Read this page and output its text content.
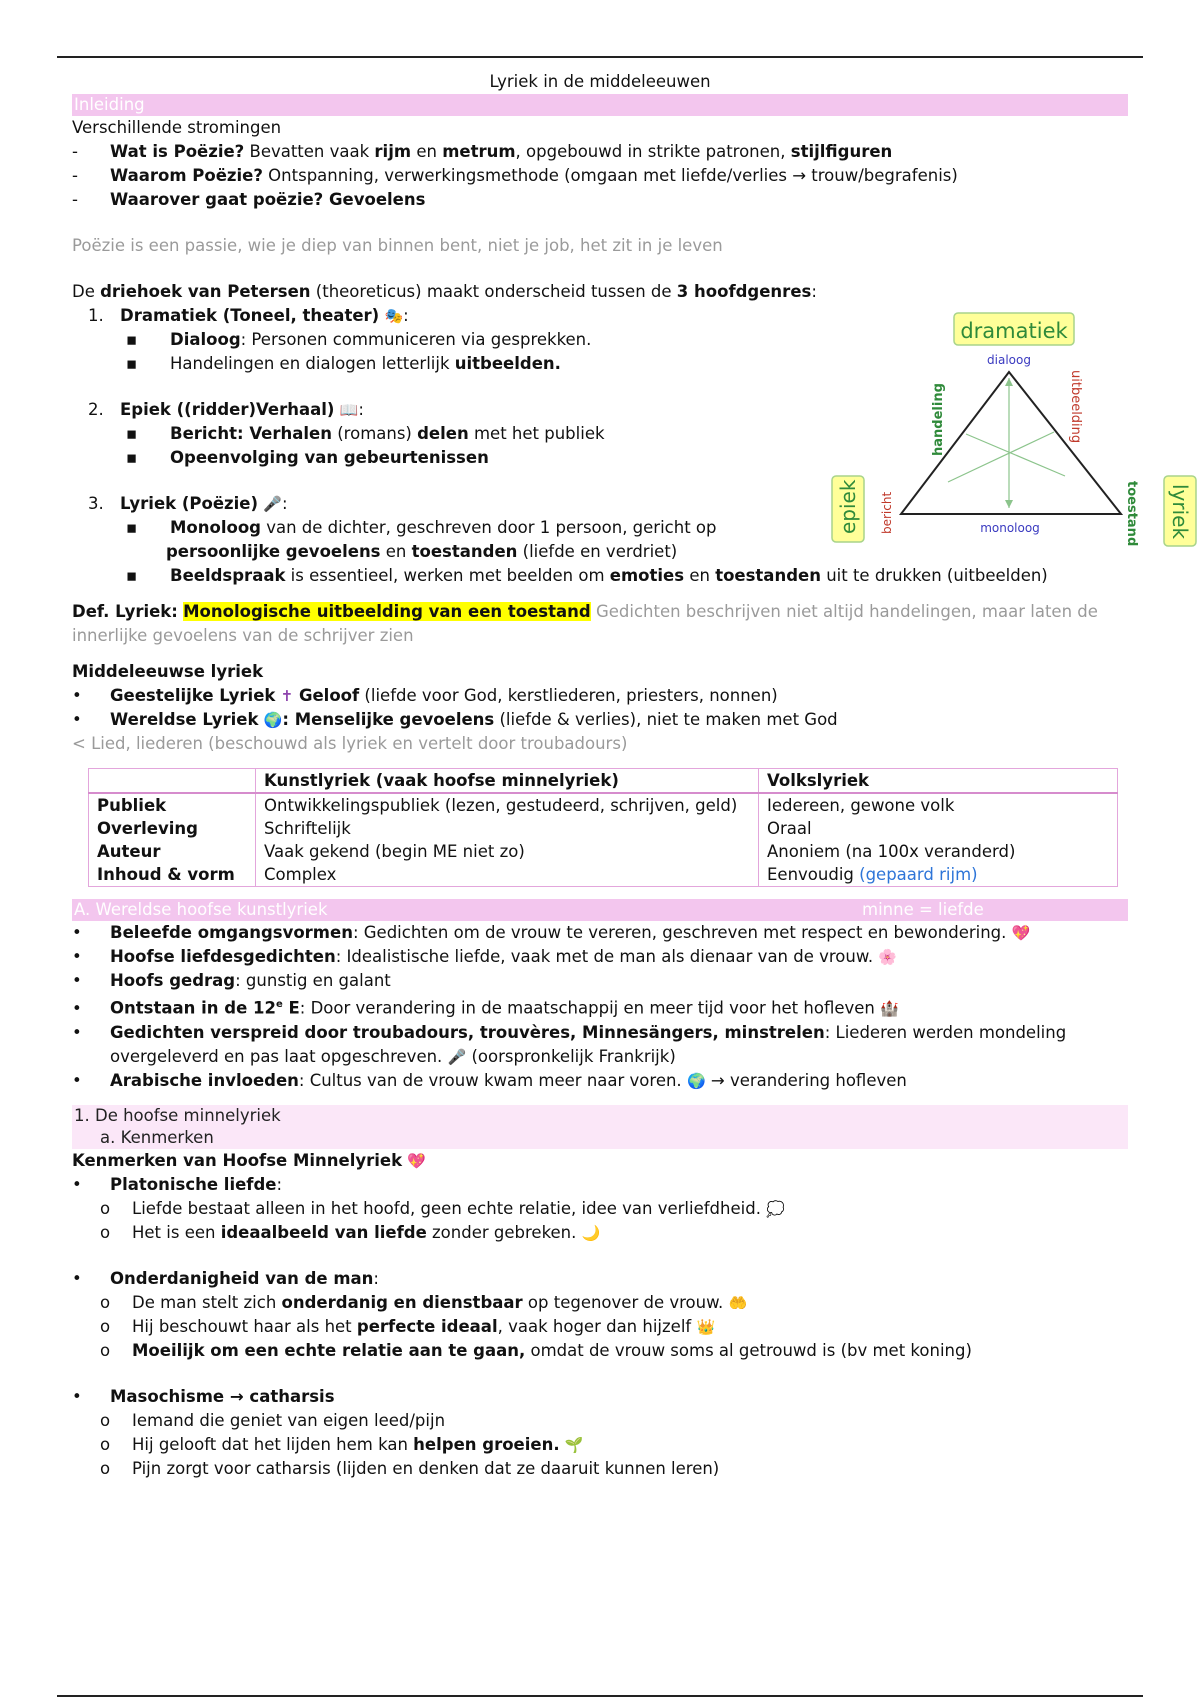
dramatiek
dialoog
handeling	uitbeelding
monoloog
bericht	toestand
epiek	lyriek
Lyriek in de middeleeuwen
Inleiding
Verschillende stromingen
- Wat is Poëzie? Bevatten vaak rijm en metrum, opgebouwd in strikte patronen, stijlfiguren
- Waarom Poëzie? Ontspanning, verwerkingsmethode (omgaan met liefde/verlies → trouw/begrafenis)
- Waarover gaat poëzie? Gevoelens
Poëzie is een passie, wie je diep van binnen bent, niet je job, het zit in je leven
De driehoek van Petersen (theoreticus) maakt onderscheid tussen de 3 hoofdgenres:
1. Dramatiek (Toneel, theater) 🎭:
▪ Dialoog: Personen communiceren via gesprekken.
▪ Handelingen en dialogen letterlijk uitbeelden.
2. Epiek ((ridder)Verhaal) 📖:
▪ Bericht: Verhalen (romans) delen met het publiek
▪ Opeenvolging van gebeurtenissen
3. Lyriek (Poëzie) 🎤:
▪ Monoloog van de dichter, geschreven door 1 persoon, gericht op
persoonlijke gevoelens en toestanden (liefde en verdriet)
▪ Beeldspraak is essentieel, werken met beelden om emoties en toestanden uit te drukken (uitbeelden)
Def. Lyriek: Monologische uitbeelding van een toestand Gedichten beschrijven niet altijd handelingen, maar laten de
innerlijke gevoelens van de schrijver zien
Middeleeuwse lyriek
• Geestelijke Lyriek ✝ Geloof (liefde voor God, kerstliederen, priesters, nonnen)
• Wereldse Lyriek 🌍: Menselijke gevoelens (liefde & verlies), niet te maken met God
< Lied, liederen (beschouwd als lyriek en vertelt door troubadours)
	Kunstlyriek (vaak hoofse minnelyriek)	Volkslyriek
Publiek	Ontwikkelingspubliek (lezen, gestudeerd, schrijven, geld)	Iedereen, gewone volk
Overleving	Schriftelijk	Oraal
Auteur	Vaak gekend (begin ME niet zo)	Anoniem (na 100x veranderd)
Inhoud & vorm	Complex	Eenvoudig (gepaard rijm)
A. Wereldse hoofse kunstlyriek	minne = liefde
• Beleefde omgangsvormen: Gedichten om de vrouw te vereren, geschreven met respect en bewondering. 💖
• Hoofse liefdesgedichten: Idealistische liefde, vaak met de man als dienaar van de vrouw. 🌸
• Hoofs gedrag: gunstig en galant
• Ontstaan in de 12e E: Door verandering in de maatschappij en meer tijd voor het hofleven 🏰
• Gedichten verspreid door troubadours, trouvères, Minnesängers, minstrelen: Liederen werden mondeling
overgeleverd en pas laat opgeschreven. 🎤 (oorspronkelijk Frankrijk)
• Arabische invloeden: Cultus van de vrouw kwam meer naar voren. 🌍 → verandering hofleven
1. De hoofse minnelyriek
a. Kenmerken
Kenmerken van Hoofse Minnelyriek 💖
• Platonische liefde:
o Liefde bestaat alleen in het hoofd, geen echte relatie, idee van verliefdheid. 💭
o Het is een ideaalbeeld van liefde zonder gebreken. 🌙
• Onderdanigheid van de man:
o De man stelt zich onderdanig en dienstbaar op tegenover de vrouw. 🤲
o Hij beschouwt haar als het perfecte ideaal, vaak hoger dan hijzelf 👑
o Moeilijk om een echte relatie aan te gaan, omdat de vrouw soms al getrouwd is (bv met koning)
• Masochisme → catharsis
o Iemand die geniet van eigen leed/pijn
o Hij gelooft dat het lijden hem kan helpen groeien. 🌱
o Pijn zorgt voor catharsis (lijden en denken dat ze daaruit kunnen leren)
